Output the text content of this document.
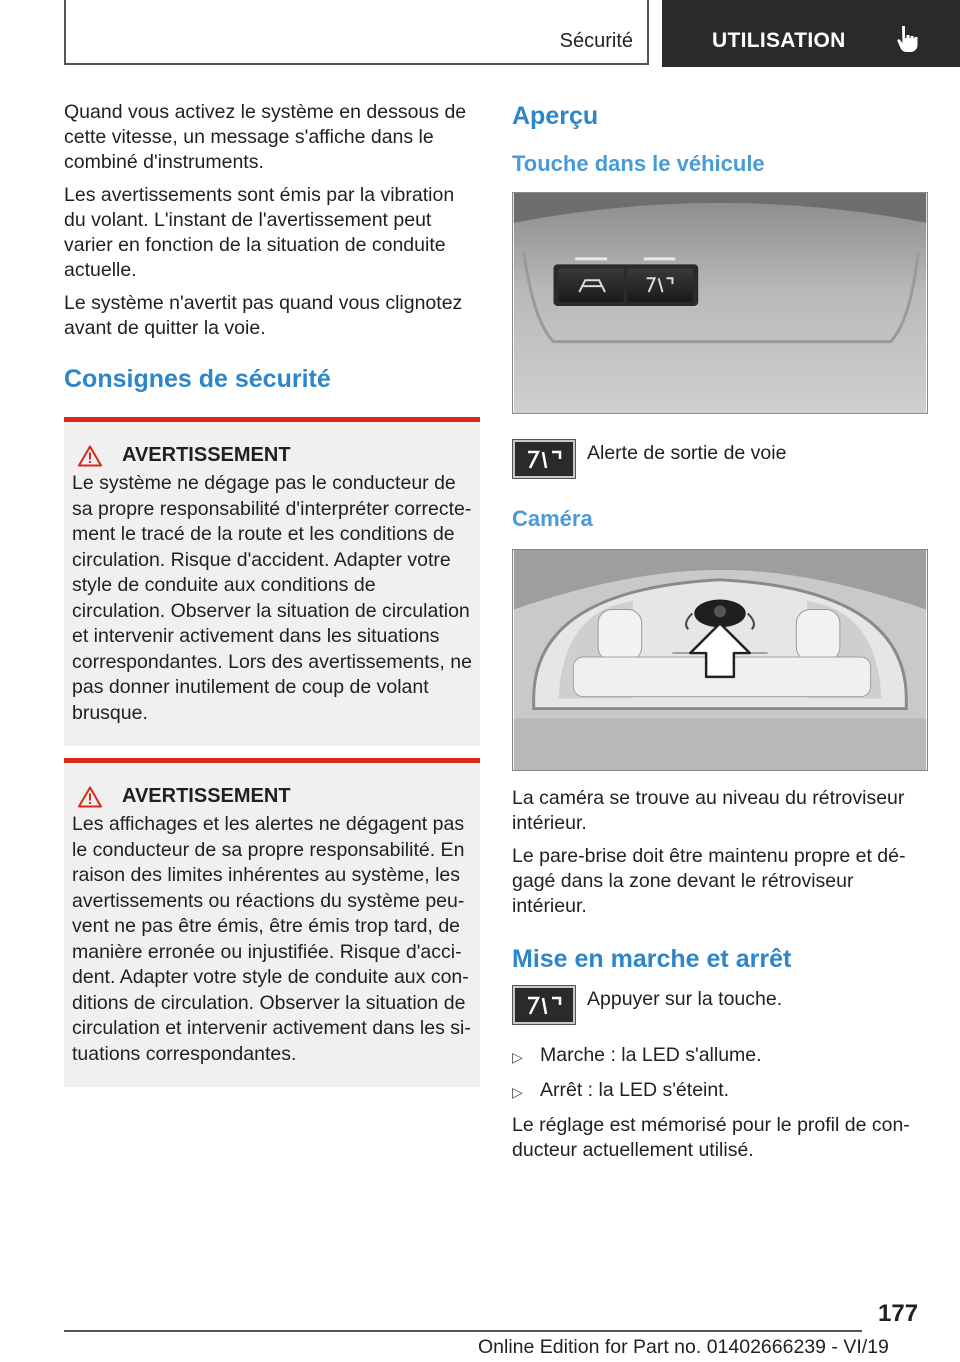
Sécurité	UTILISATION

Quand vous activez le système en dessous de cette vitesse, un message s'affiche dans le combiné d'instruments.

Les avertissements sont émis par la vibration du volant. L'instant de l'avertissement peut varier en fonction de la situation de conduite actuelle.

Le système n'avertit pas quand vous clignotez avant de quitter la voie.

Consignes de sécurité
AVERTISSEMENT
Le système ne dégage pas le conducteur de sa propre responsabilité d'interpréter correctement le tracé de la route et les conditions de circulation. Risque d'accident. Adapter votre style de conduite aux conditions de circulation. Observer la situation de circulation et intervenir activement dans les situations correspondantes. Lors des avertissements, ne pas donner inutilement de coup de volant brusque.
AVERTISSEMENT
Les affichages et les alertes ne dégagent pas le conducteur de sa propre responsabilité. En raison des limites inhérentes au système, les avertissements ou réactions du système peuvent ne pas être émis, être émis trop tard, de manière erronée ou injustifiée. Risque d'accident. Adapter votre style de conduite aux conditions de circulation. Observer la situation de circulation et intervenir activement dans les situations correspondantes.
Aperçu
Touche dans le véhicule
Alerte de sortie de voie
Caméra

La caméra se trouve au niveau du rétroviseur intérieur.

Le pare-brise doit être maintenu propre et dégagé dans la zone devant le rétroviseur intérieur.

Mise en marche et arrêt
Appuyer sur la touche.
▷ Marche : la LED s'allume.
▷ Arrêt : la LED s'éteint.

Le réglage est mémorisé pour le profil de conducteur actuellement utilisé.

177
Online Edition for Part no. 01402666239 - VI/19
